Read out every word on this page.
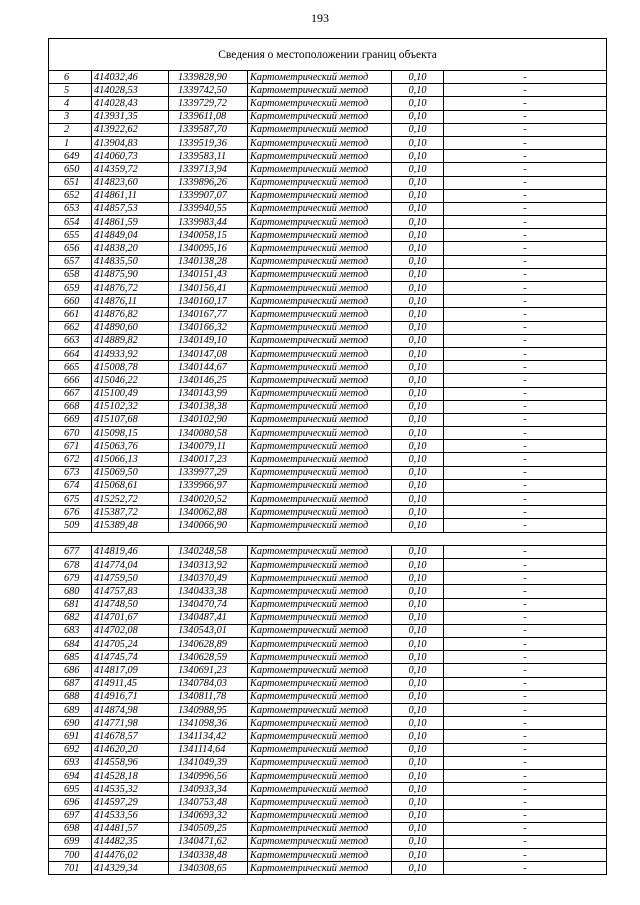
193
Сведения о местоположении границ объекта					
6	414032,46	1339828,90	Картометрический метод	0,10	-
5	414028,53	1339742,50	Картометрический метод	0,10	-
4	414028,43	1339729,72	Картометрический метод	0,10	-
3	413931,35	1339611,08	Картометрический метод	0,10	-
2	413922,62	1339587,70	Картометрический метод	0,10	-
1	413904,83	1339519,36	Картометрический метод	0,10	-
649	414060,73	1339583,11	Картометрический метод	0,10	-
650	414359,72	1339713,94	Картометрический метод	0,10	-
651	414823,60	1339896,26	Картометрический метод	0,10	-
652	414861,11	1339907,07	Картометрический метод	0,10	-
653	414857,53	1339940,55	Картометрический метод	0,10	-
654	414861,59	1339983,44	Картометрический метод	0,10	-
655	414849,04	1340058,15	Картометрический метод	0,10	-
656	414838,20	1340095,16	Картометрический метод	0,10	-
657	414835,50	1340138,28	Картометрический метод	0,10	-
658	414875,90	1340151,43	Картометрический метод	0,10	-
659	414876,72	1340156,41	Картометрический метод	0,10	-
660	414876,11	1340160,17	Картометрический метод	0,10	-
661	414876,82	1340167,77	Картометрический метод	0,10	-
662	414890,60	1340166,32	Картометрический метод	0,10	-
663	414889,82	1340149,10	Картометрический метод	0,10	-
664	414933,92	1340147,08	Картометрический метод	0,10	-
665	415008,78	1340144,67	Картометрический метод	0,10	-
666	415046,22	1340146,25	Картометрический метод	0,10	-
667	415100,49	1340143,99	Картометрический метод	0,10	-
668	415102,32	1340138,38	Картометрический метод	0,10	-
669	415107,68	1340102,90	Картометрический метод	0,10	-
670	415098,15	1340080,58	Картометрический метод	0,10	-
671	415063,76	1340079,11	Картометрический метод	0,10	-
672	415066,13	1340017,23	Картометрический метод	0,10	-
673	415069,50	1339977,29	Картометрический метод	0,10	-
674	415068,61	1339966,97	Картометрический метод	0,10	-
675	415252,72	1340020,52	Картометрический метод	0,10	-
676	415387,72	1340062,88	Картометрический метод	0,10	-
509	415389,48	1340066,90	Картометрический метод	0,10	-

677	414819,46	1340248,58	Картометрический метод	0,10	-
678	414774,04	1340313,92	Картометрический метод	0,10	-
679	414759,50	1340370,49	Картометрический метод	0,10	-
680	414757,83	1340433,38	Картометрический метод	0,10	-
681	414748,50	1340470,74	Картометрический метод	0,10	-
682	414701,67	1340487,41	Картометрический метод	0,10	-
683	414702,08	1340543,01	Картометрический метод	0,10	-
684	414705,24	1340628,89	Картометрический метод	0,10	-
685	414745,74	1340628,59	Картометрический метод	0,10	-
686	414817,09	1340691,23	Картометрический метод	0,10	-
687	414911,45	1340784,03	Картометрический метод	0,10	-
688	414916,71	1340811,78	Картометрический метод	0,10	-
689	414874,98	1340988,95	Картометрический метод	0,10	-
690	414771,98	1341098,36	Картометрический метод	0,10	-
691	414678,57	1341134,42	Картометрический метод	0,10	-
692	414620,20	1341114,64	Картометрический метод	0,10	-
693	414558,96	1341049,39	Картометрический метод	0,10	-
694	414528,18	1340996,56	Картометрический метод	0,10	-
695	414535,32	1340933,34	Картометрический метод	0,10	-
696	414597,29	1340753,48	Картометрический метод	0,10	-
697	414533,56	1340693,32	Картометрический метод	0,10	-
698	414481,57	1340509,25	Картометрический метод	0,10	-
699	414482,35	1340471,62	Картометрический метод	0,10	-
700	414476,02	1340338,48	Картометрический метод	0,10	-
701	414329,34	1340308,65	Картометрический метод	0,10	-
